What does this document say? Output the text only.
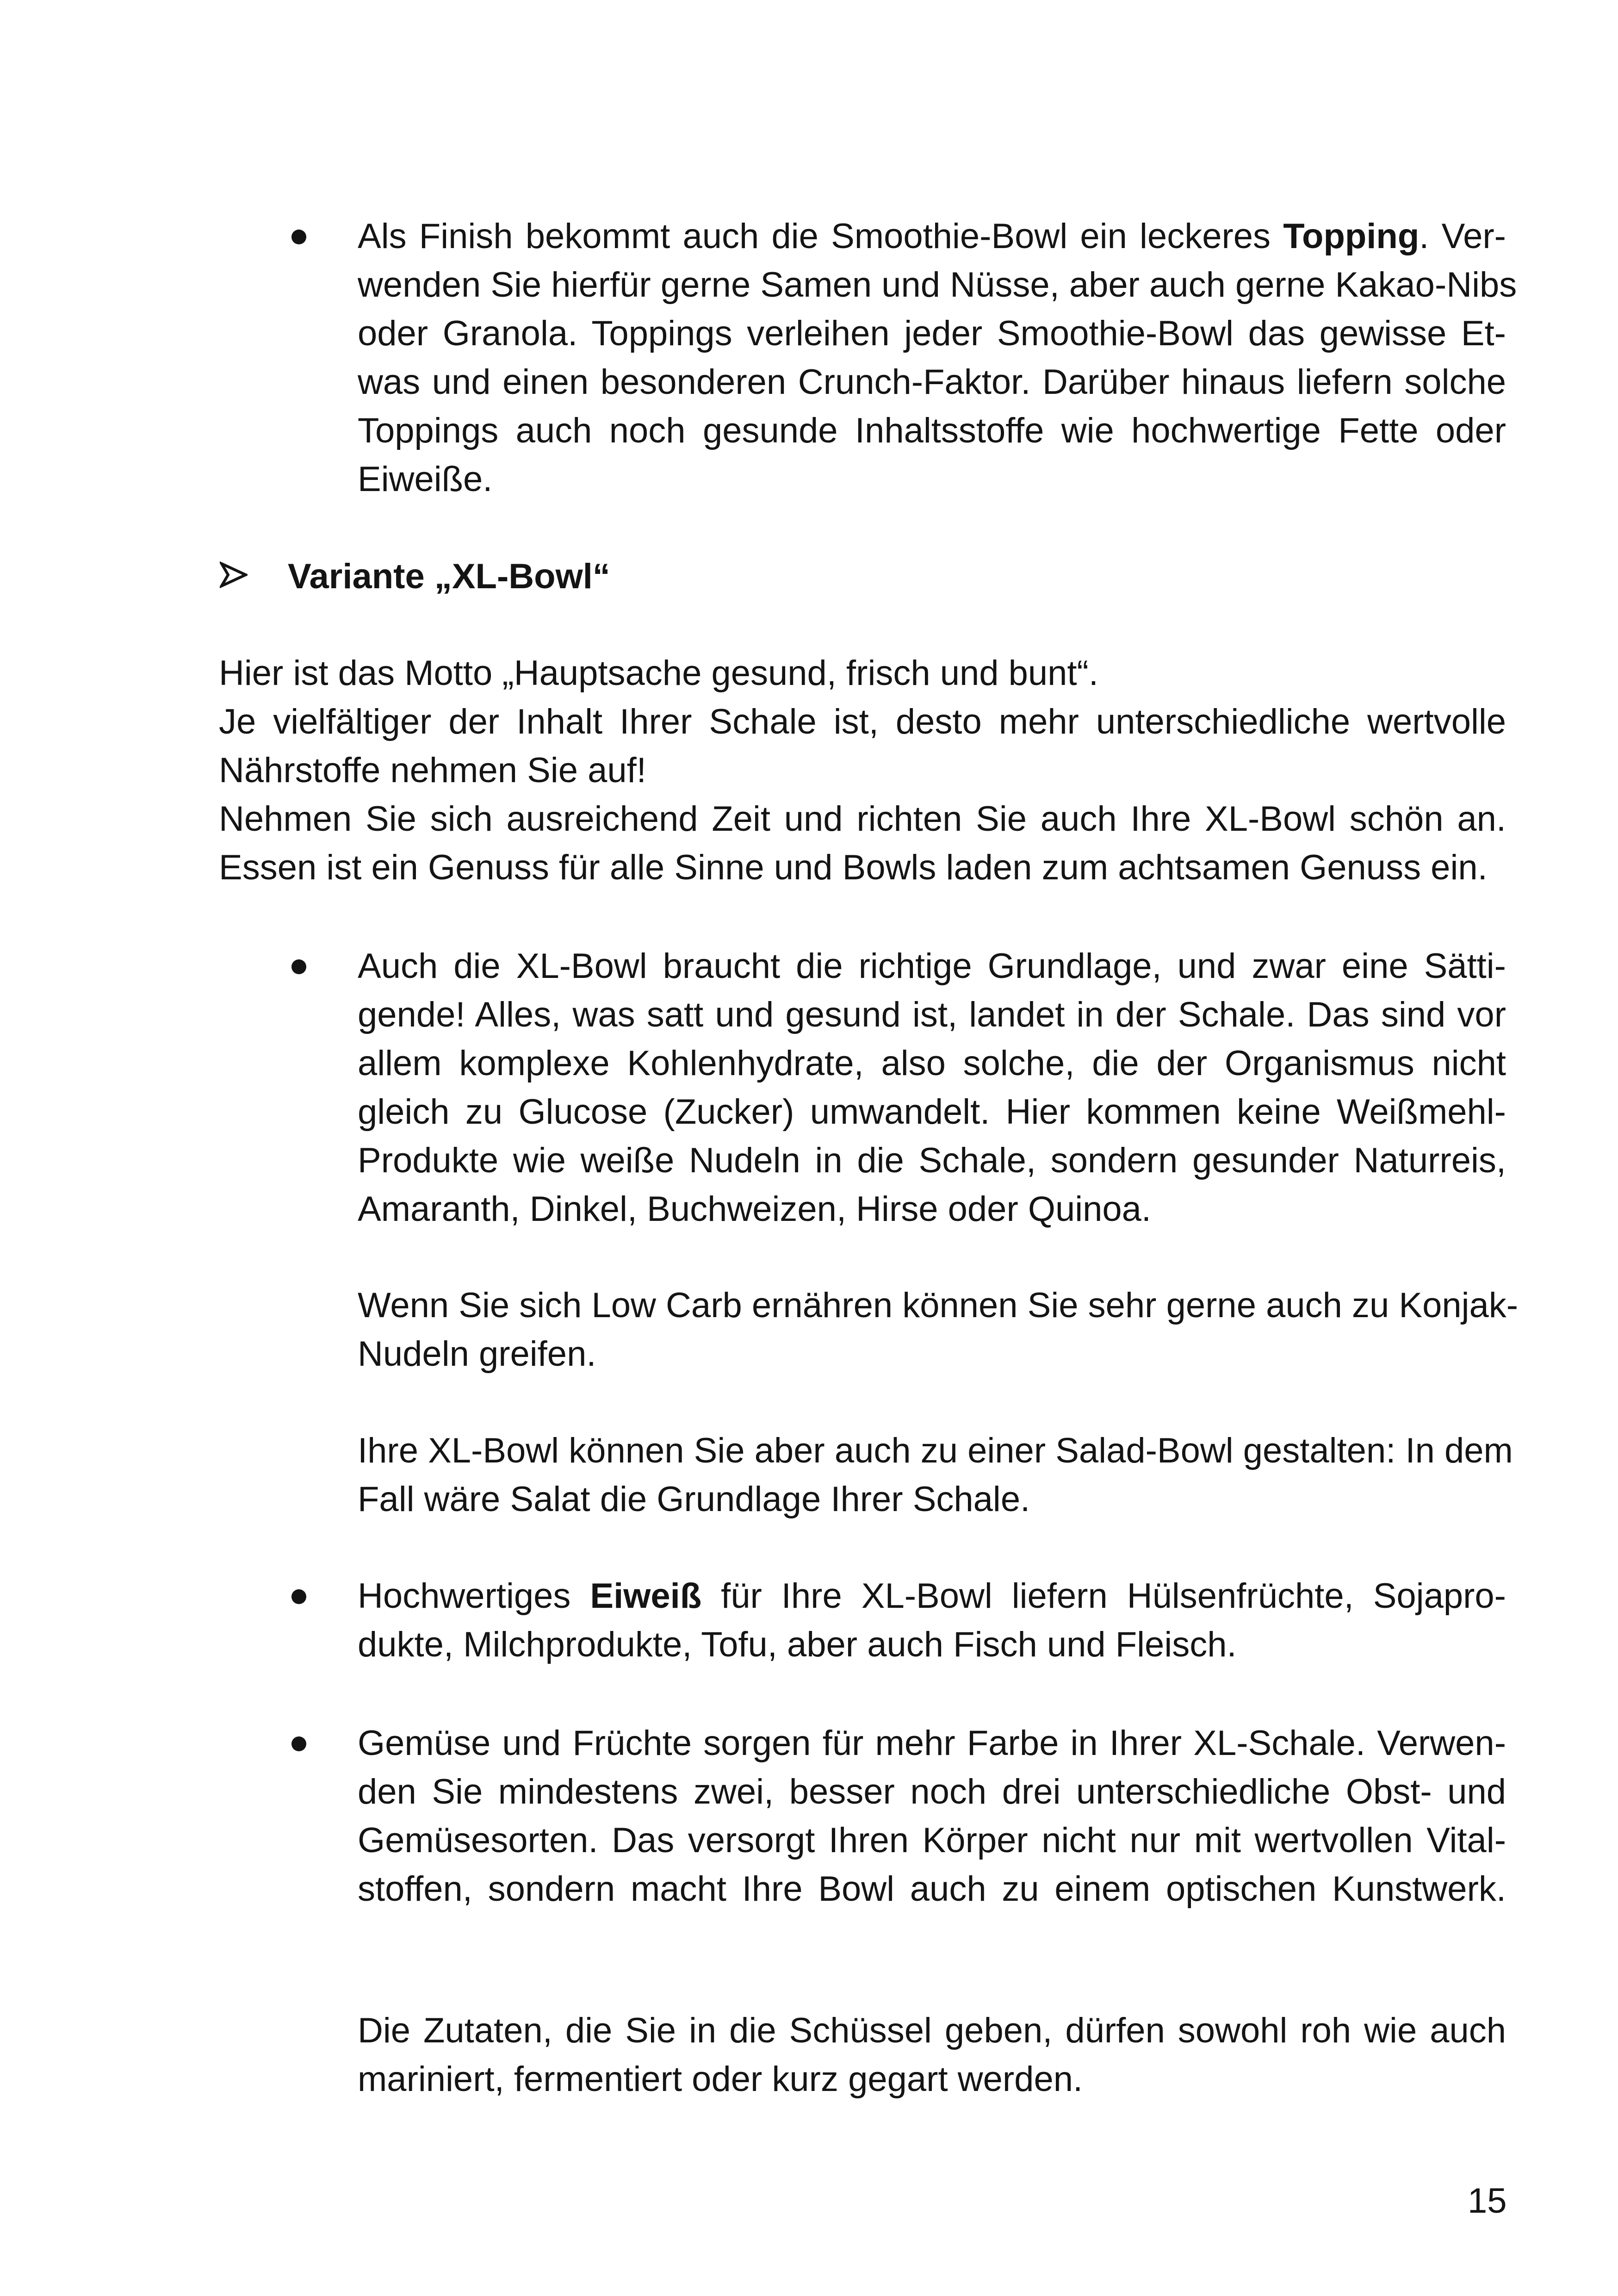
Als Finish bekommt auch die Smoothie-Bowl ein leckeres Topping. Ver-

wenden Sie hierfür gerne Samen und Nüsse, aber auch gerne Kakao-Nibs

oder Granola. Toppings verleihen jeder Smoothie-Bowl das gewisse Et-

was und einen besonderen Crunch-Faktor. Darüber hinaus liefern solche

Toppings auch noch gesunde Inhaltsstoffe wie hochwertige Fette oder

Eiweiße.

Variante „XL-Bowl“

Hier ist das Motto „Hauptsache gesund, frisch und bunt“.

Je vielfältiger der Inhalt Ihrer Schale ist, desto mehr unterschiedliche wertvolle

Nährstoffe nehmen Sie auf!

Nehmen Sie sich ausreichend Zeit und richten Sie auch Ihre XL-Bowl schön an.

Essen ist ein Genuss für alle Sinne und Bowls laden zum achtsamen Genuss ein.

Auch die XL-Bowl braucht die richtige Grundlage, und zwar eine Sätti-

gende! Alles, was satt und gesund ist, landet in der Schale. Das sind vor

allem komplexe Kohlenhydrate, also solche, die der Organismus nicht

gleich zu Glucose (Zucker) umwandelt. Hier kommen keine Weißmehl-

Produkte wie weiße Nudeln in die Schale, sondern gesunder Naturreis,

Amaranth, Dinkel, Buchweizen, Hirse oder Quinoa.

Wenn Sie sich Low Carb ernähren können Sie sehr gerne auch zu Konjak-

Nudeln greifen.

Ihre XL-Bowl können Sie aber auch zu einer Salad-Bowl gestalten: In dem

Fall wäre Salat die Grundlage Ihrer Schale.

Hochwertiges Eiweiß für Ihre XL-Bowl liefern Hülsenfrüchte, Sojapro-

dukte, Milchprodukte, Tofu, aber auch Fisch und Fleisch.

Gemüse und Früchte sorgen für mehr Farbe in Ihrer XL-Schale. Verwen-

den Sie mindestens zwei, besser noch drei unterschiedliche Obst- und

Gemüsesorten. Das versorgt Ihren Körper nicht nur mit wertvollen Vital-

stoffen, sondern macht Ihre Bowl auch zu einem optischen Kunstwerk.

Die Zutaten, die Sie in die Schüssel geben, dürfen sowohl roh wie auch

mariniert, fermentiert oder kurz gegart werden.

15
